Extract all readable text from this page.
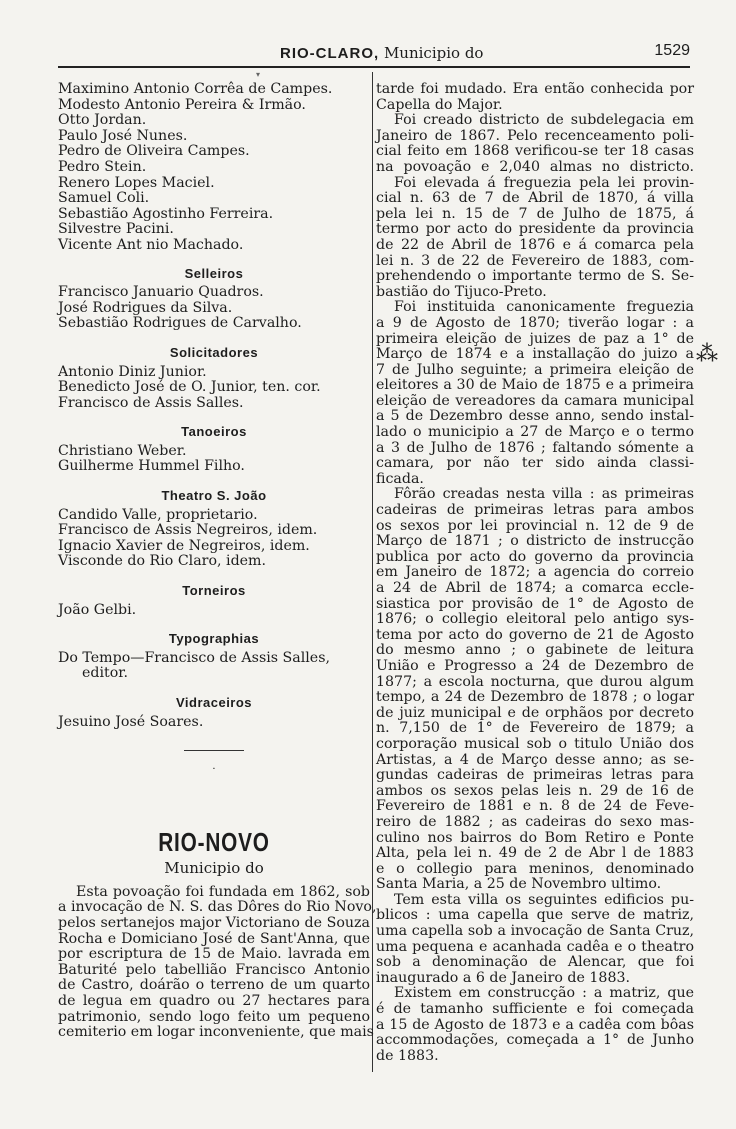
RIO-CLARO, Municipio do	1529
▾
Maximino Antonio Corrêa de Campes.
Modesto Antonio Pereira & Irmão.
Otto Jordan.
Paulo José Nunes.
Pedro de Oliveira Campes.
Pedro Stein.
Renero Lopes Maciel.
Samuel Coli.
Sebastião Agostinho Ferreira.
Silvestre Pacini.
Vicente Ant nio Machado.
Selleiros
Francisco Januario Quadros.
José Rodrigues da Silva.
Sebastião Rodrigues de Carvalho.
Solicitadores
Antonio Diniz Junior.
Benedicto José de O. Junior, ten. cor.
Francisco de Assis Salles.
Tanoeiros
Christiano Weber.
Guilherme Hummel Filho.
Theatro S. João
Candido Valle, proprietario.
Francisco de Assis Negreiros, idem.
Ignacio Xavier de Negreiros, idem.
Visconde do Rio Claro, idem.
Torneiros
João Gelbi.
Typographias
Do Tempo—Francisco de Assis Salles,
editor.
Vidraceiros
Jesuino José Soares.
·
RIO-NOVO
Municipio do
Esta povoação foi fundada em 1862, sob
a invocação de N. S. das Dôres do Rio Novo,
pelos sertanejos major Victoriano de Souza
Rocha e Domiciano José de Sant'Anna, que
por escriptura de 15 de Maio. lavrada em
Baturité pelo tabellião Francisco Antonio
de Castro, doárão o terreno de um quarto
de legua em quadro ou 27 hectares para
patrimonio, sendo logo feito um pequeno
cemiterio em logar inconveniente, que mais
tarde foi mudado. Era então conhecida por
Capella do Major.
Foi creado districto de subdelegacia em
Janeiro de 1867. Pelo recenceamento poli-
cial feito em 1868 verificou-se ter 18 casas
na povoação e 2,040 almas no districto.
Foi elevada á freguezia pela lei provin-
cial n. 63 de 7 de Abril de 1870, á villa
pela lei n. 15 de 7 de Julho de 1875, á
termo por acto do presidente da provincia
de 22 de Abril de 1876 e á comarca pela
lei n. 3 de 22 de Fevereiro de 1883, com-
prehendendo o importante termo de S. Se-
bastião do Tijuco-Preto.
Foi instituida canonicamente freguezia
a 9 de Agosto de 1870; tiverão logar : a
primeira eleição de juizes de paz a 1° de
Março de 1874 e a installação do juizo a
7 de Julho seguinte; a primeira eleição de
eleitores a 30 de Maio de 1875 e a primeira
eleição de vereadores da camara municipal
a 5 de Dezembro desse anno, sendo instal-
lado o municipio a 27 de Março e o termo
a 3 de Julho de 1876 ; faltando sómente a
camara, por não ter sido ainda classi-
ficada.
Fôrão creadas nesta villa : as primeiras
cadeiras de primeiras letras para ambos
os sexos por lei provincial n. 12 de 9 de
Março de 1871 ; o districto de instrucção
publica por acto do governo da provincia
em Janeiro de 1872; a agencia do correio
a 24 de Abril de 1874; a comarca eccle-
siastica por provisão de 1° de Agosto de
1876; o collegio eleitoral pelo antigo sys-
tema por acto do governo de 21 de Agosto
do mesmo anno ; o gabinete de leitura
União e Progresso a 24 de Dezembro de
1877; a escola nocturna, que durou algum
tempo, a 24 de Dezembro de 1878 ; o logar
de juiz municipal e de orphãos por decreto
n. 7,150 de 1° de Fevereiro de 1879; a
corporação musical sob o titulo União dos
Artistas, a 4 de Março desse anno; as se-
gundas cadeiras de primeiras letras para
ambos os sexos pelas leis n. 29 de 16 de
Fevereiro de 1881 e n. 8 de 24 de Feve-
reiro de 1882 ; as cadeiras do sexo mas-
culino nos bairros do Bom Retiro e Ponte
Alta, pela lei n. 49 de 2 de Abr l de 1883
e o collegio para meninos, denominado
Santa Maria, a 25 de Novembro ultimo.
Tem esta villa os seguintes edificios pu-
blicos : uma capella que serve de matriz,
uma capella sob a invocação de Santa Cruz,
uma pequena e acanhada cadêa e o theatro
sob a denominação de Alencar, que foi
inaugurado a 6 de Janeiro de 1883.
Existem em construcção : a matriz, que
é de tamanho sufficiente e foi começada
a 15 de Agosto de 1873 e a cadêa com bôas
accommodações, começada a 1° de Junho
de 1883.
⁂
